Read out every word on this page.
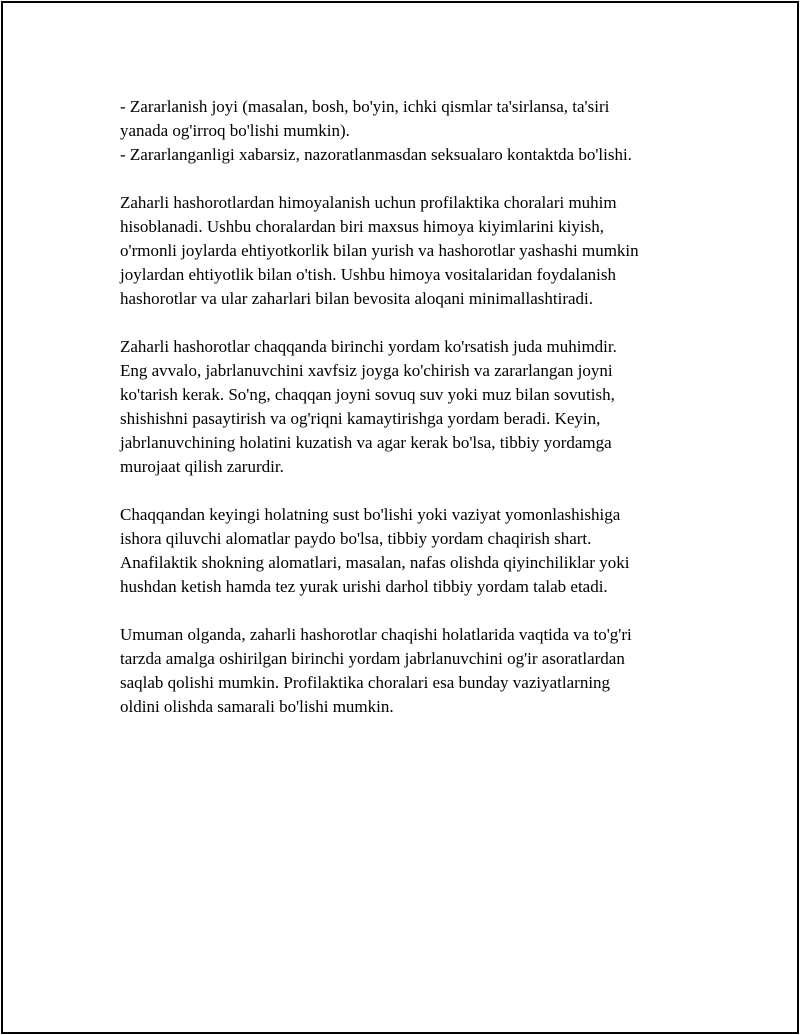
- Zararlanish joyi (masalan, bosh, bo'yin, ichki qismlar ta'sirlansa, ta'siri
yanada og'irroq bo'lishi mumkin).
- Zararlanganligi xabarsiz, nazoratlanmasdan seksualaro kontaktda bo'lishi.

Zaharli hashorotlardan himoyalanish uchun profilaktika choralari muhim
hisoblanadi. Ushbu choralardan biri maxsus himoya kiyimlarini kiyish,
o'rmonli joylarda ehtiyotkorlik bilan yurish va hashorotlar yashashi mumkin
joylardan ehtiyotlik bilan o'tish. Ushbu himoya vositalaridan foydalanish
hashorotlar va ular zaharlari bilan bevosita aloqani minimallashtiradi.

Zaharli hashorotlar chaqqanda birinchi yordam ko'rsatish juda muhimdir.
Eng avvalo, jabrlanuvchini xavfsiz joyga ko'chirish va zararlangan joyni
ko'tarish kerak. So'ng, chaqqan joyni sovuq suv yoki muz bilan sovutish,
shishishni pasaytirish va og'riqni kamaytirishga yordam beradi. Keyin,
jabrlanuvchining holatini kuzatish va agar kerak bo'lsa, tibbiy yordamga
murojaat qilish zarurdir.

Chaqqandan keyingi holatning sust bo'lishi yoki vaziyat yomonlashishiga
ishora qiluvchi alomatlar paydo bo'lsa, tibbiy yordam chaqirish shart.
Anafilaktik shokning alomatlari, masalan, nafas olishda qiyinchiliklar yoki
hushdan ketish hamda tez yurak urishi darhol tibbiy yordam talab etadi.

Umuman olganda, zaharli hashorotlar chaqishi holatlarida vaqtida va to'g'ri
tarzda amalga oshirilgan birinchi yordam jabrlanuvchini og'ir asoratlardan
saqlab qolishi mumkin. Profilaktika choralari esa bunday vaziyatlarning
oldini olishda samarali bo'lishi mumkin.
